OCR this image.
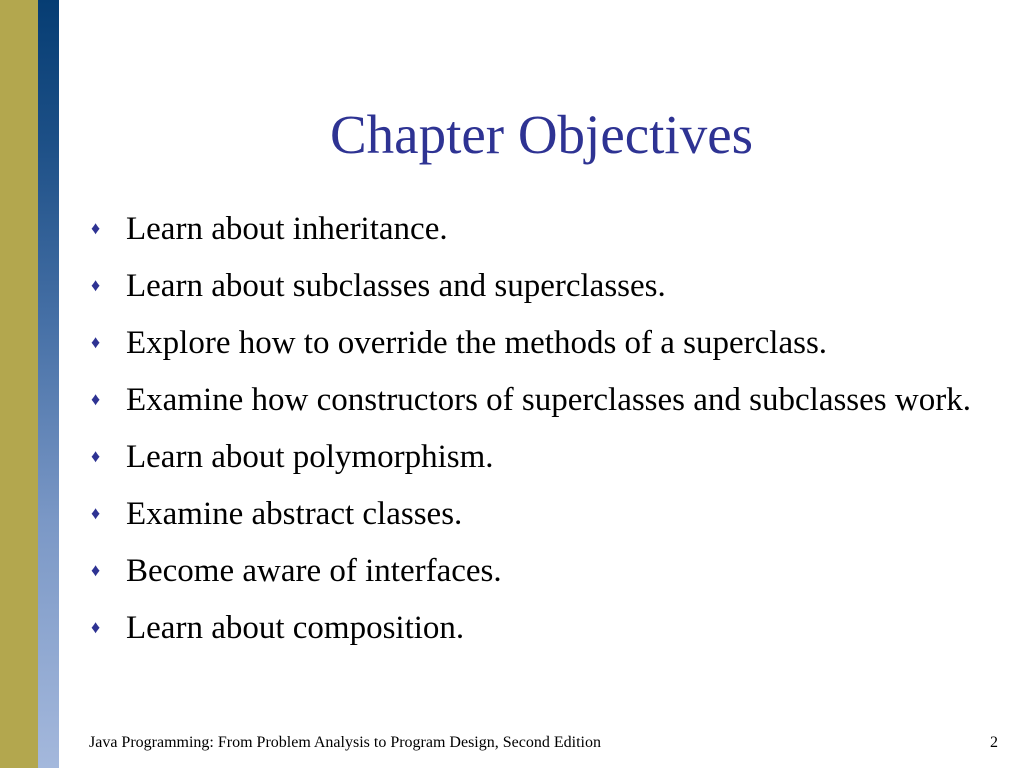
Chapter Objectives
♦ Learn about inheritance.
♦ Learn about subclasses and superclasses.
♦ Explore how to override the methods of a superclass.
♦ Examine how constructors of superclasses and subclasses work.
♦ Learn about polymorphism.
♦ Examine abstract classes.
♦ Become aware of interfaces.
♦ Learn about composition.
Java Programming: From Problem Analysis to Program Design, Second Edition	2
